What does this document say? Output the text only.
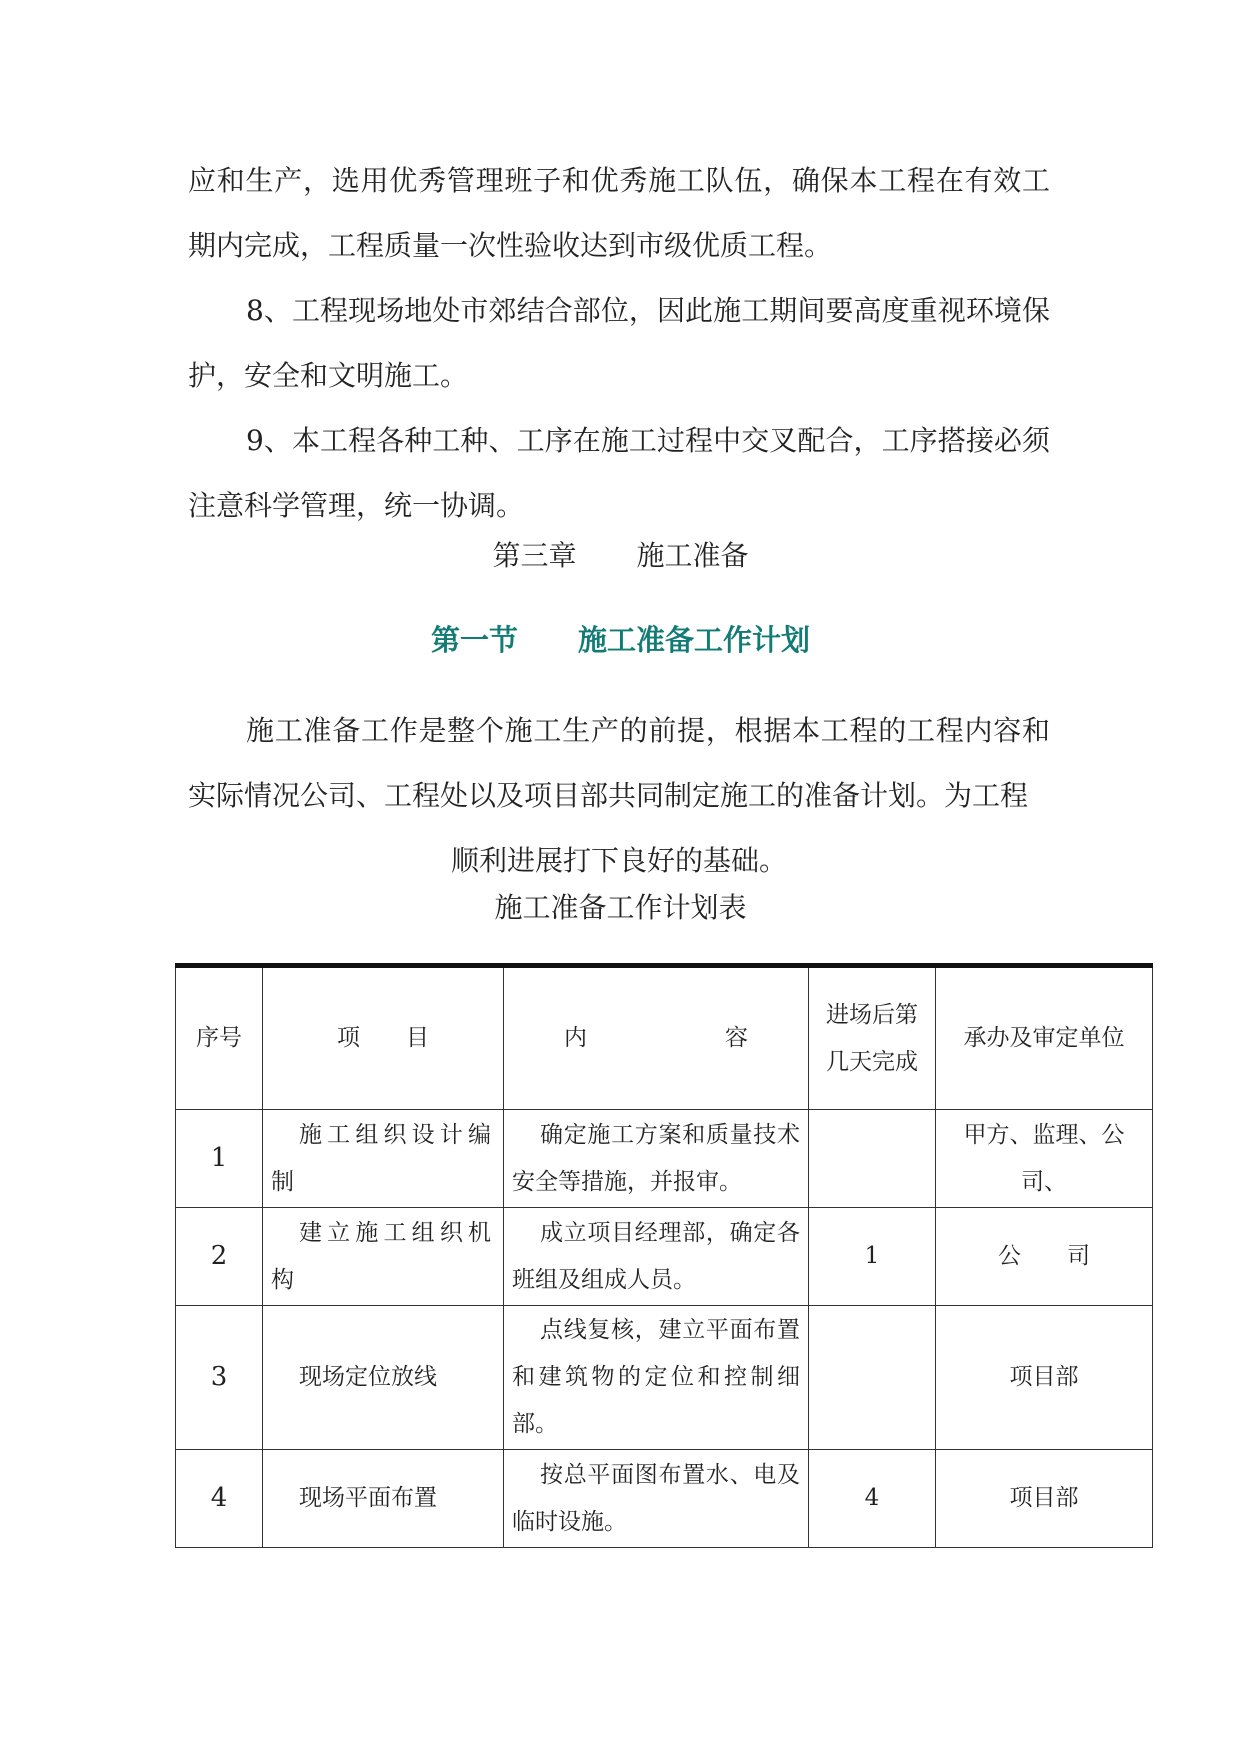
应和生产，选用优秀管理班子和优秀施工队伍，确保本工程在有效工期内完成，工程质量一次性验收达到市级优质工程。

8、工程现场地处市郊结合部位，因此施工期间要高度重视环境保护，安全和文明施工。

9、本工程各种工种、工序在施工过程中交叉配合，工序搭接必须注意科学管理，统一协调。

第三章 施工准备
第一节 施工准备工作计划

施工准备工作是整个施工生产的前提，根据本工程的工程内容和实际情况公司、工程处以及项目部共同制定施工的准备计划。为工程
顺利进展打下良好的基础。

施工准备工作计划表
序号	项　　目	内　　　　　　容	进场后第几天完成	承办及审定单位
1	施工组织设计编制	确定施工方案和质量技术安全等措施，并报审。		甲方、监理、公司、
2	建立施工组织机构	成立项目经理部，确定各班组及组成人员。	1	公　　司
3	现场定位放线	点线复核，建立平面布置和建筑物的定位和控制细部。		项目部
4	现场平面布置	按总平面图布置水、电及临时设施。	4	项目部
